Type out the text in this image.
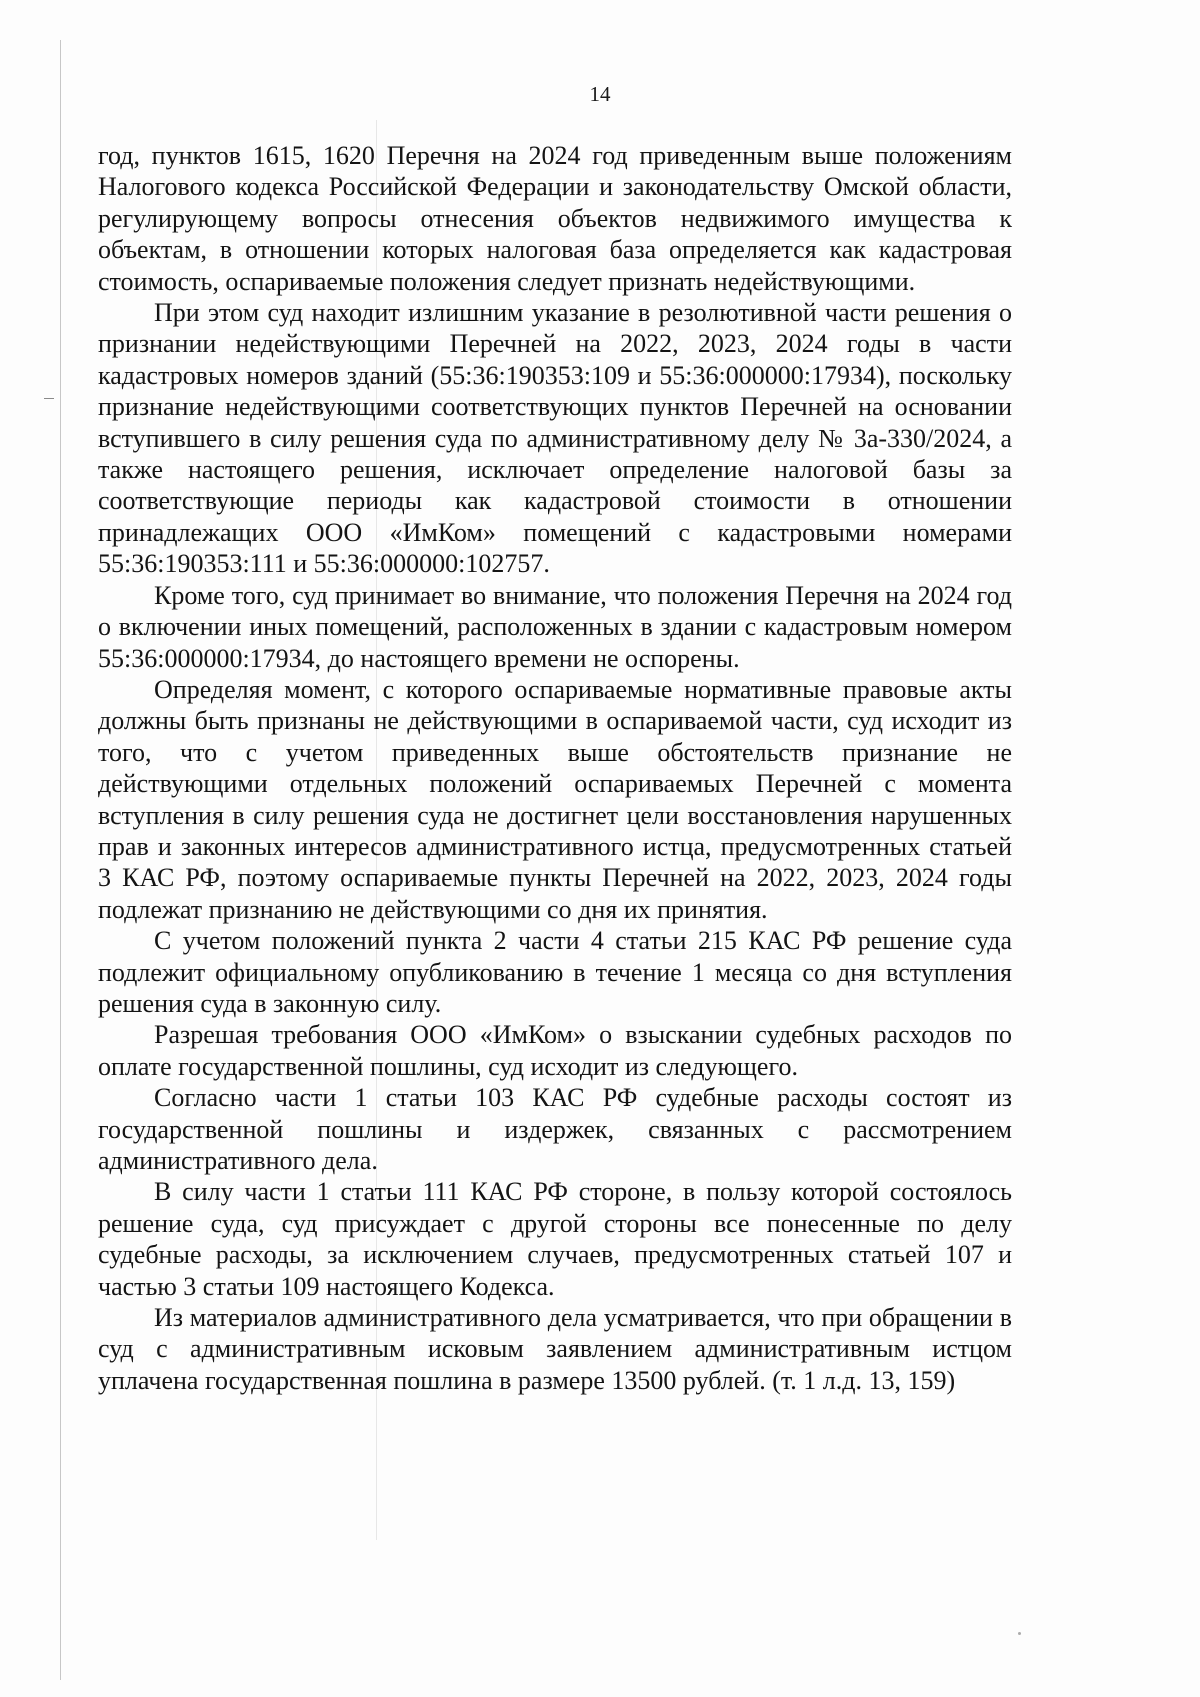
14

год, пунктов 1615, 1620 Перечня на 2024 год приведенным выше положениям Налогового кодекса Российской Федерации и законодательству Омской области, регулирующему вопросы отнесения объектов недвижимого имущества к объектам, в отношении которых налоговая база определяется как кадастровая стоимость, оспариваемые положения следует признать недействующими.

При этом суд находит излишним указание в резолютивной части решения о признании недействующими Перечней на 2022, 2023, 2024 годы в части кадастровых номеров зданий (55:36:190353:109 и 55:36:000000:17934), поскольку признание недействующими соответствующих пунктов Перечней на основании вступившего в силу решения суда по административному делу № 3а-330/2024, а также настоящего решения, исключает определение налоговой базы за соответствующие периоды как кадастровой стоимости в отношении принадлежащих ООО «ИмКом» помещений с кадастровыми номерами 55:36:190353:111 и 55:36:000000:102757.

Кроме того, суд принимает во внимание, что положения Перечня на 2024 год о включении иных помещений, расположенных в здании с кадастровым номером 55:36:000000:17934, до настоящего времени не оспорены.

Определяя момент, с которого оспариваемые нормативные правовые акты должны быть признаны не действующими в оспариваемой части, суд исходит из того, что с учетом приведенных выше обстоятельств признание не действующими отдельных положений оспариваемых Перечней с момента вступления в силу решения суда не достигнет цели восстановления нарушенных прав и законных интересов административного истца, предусмотренных статьей 3 КАС РФ, поэтому оспариваемые пункты Перечней на 2022, 2023, 2024 годы подлежат признанию не действующими со дня их принятия.

С учетом положений пункта 2 части 4 статьи 215 КАС РФ решение суда подлежит официальному опубликованию в течение 1 месяца со дня вступления решения суда в законную силу.

Разрешая требования ООО «ИмКом» о взыскании судебных расходов по оплате государственной пошлины, суд исходит из следующего.

Согласно части 1 статьи 103 КАС РФ судебные расходы состоят из государственной пошлины и издержек, связанных с рассмотрением административного дела.

В силу части 1 статьи 111 КАС РФ стороне, в пользу которой состоялось решение суда, суд присуждает с другой стороны все понесенные по делу судебные расходы, за исключением случаев, предусмотренных статьей 107 и частью 3 статьи 109 настоящего Кодекса.

Из материалов административного дела усматривается, что при обращении в суд с административным исковым заявлением административным истцом уплачена государственная пошлина в размере 13500 рублей. (т. 1 л.д. 13, 159)
